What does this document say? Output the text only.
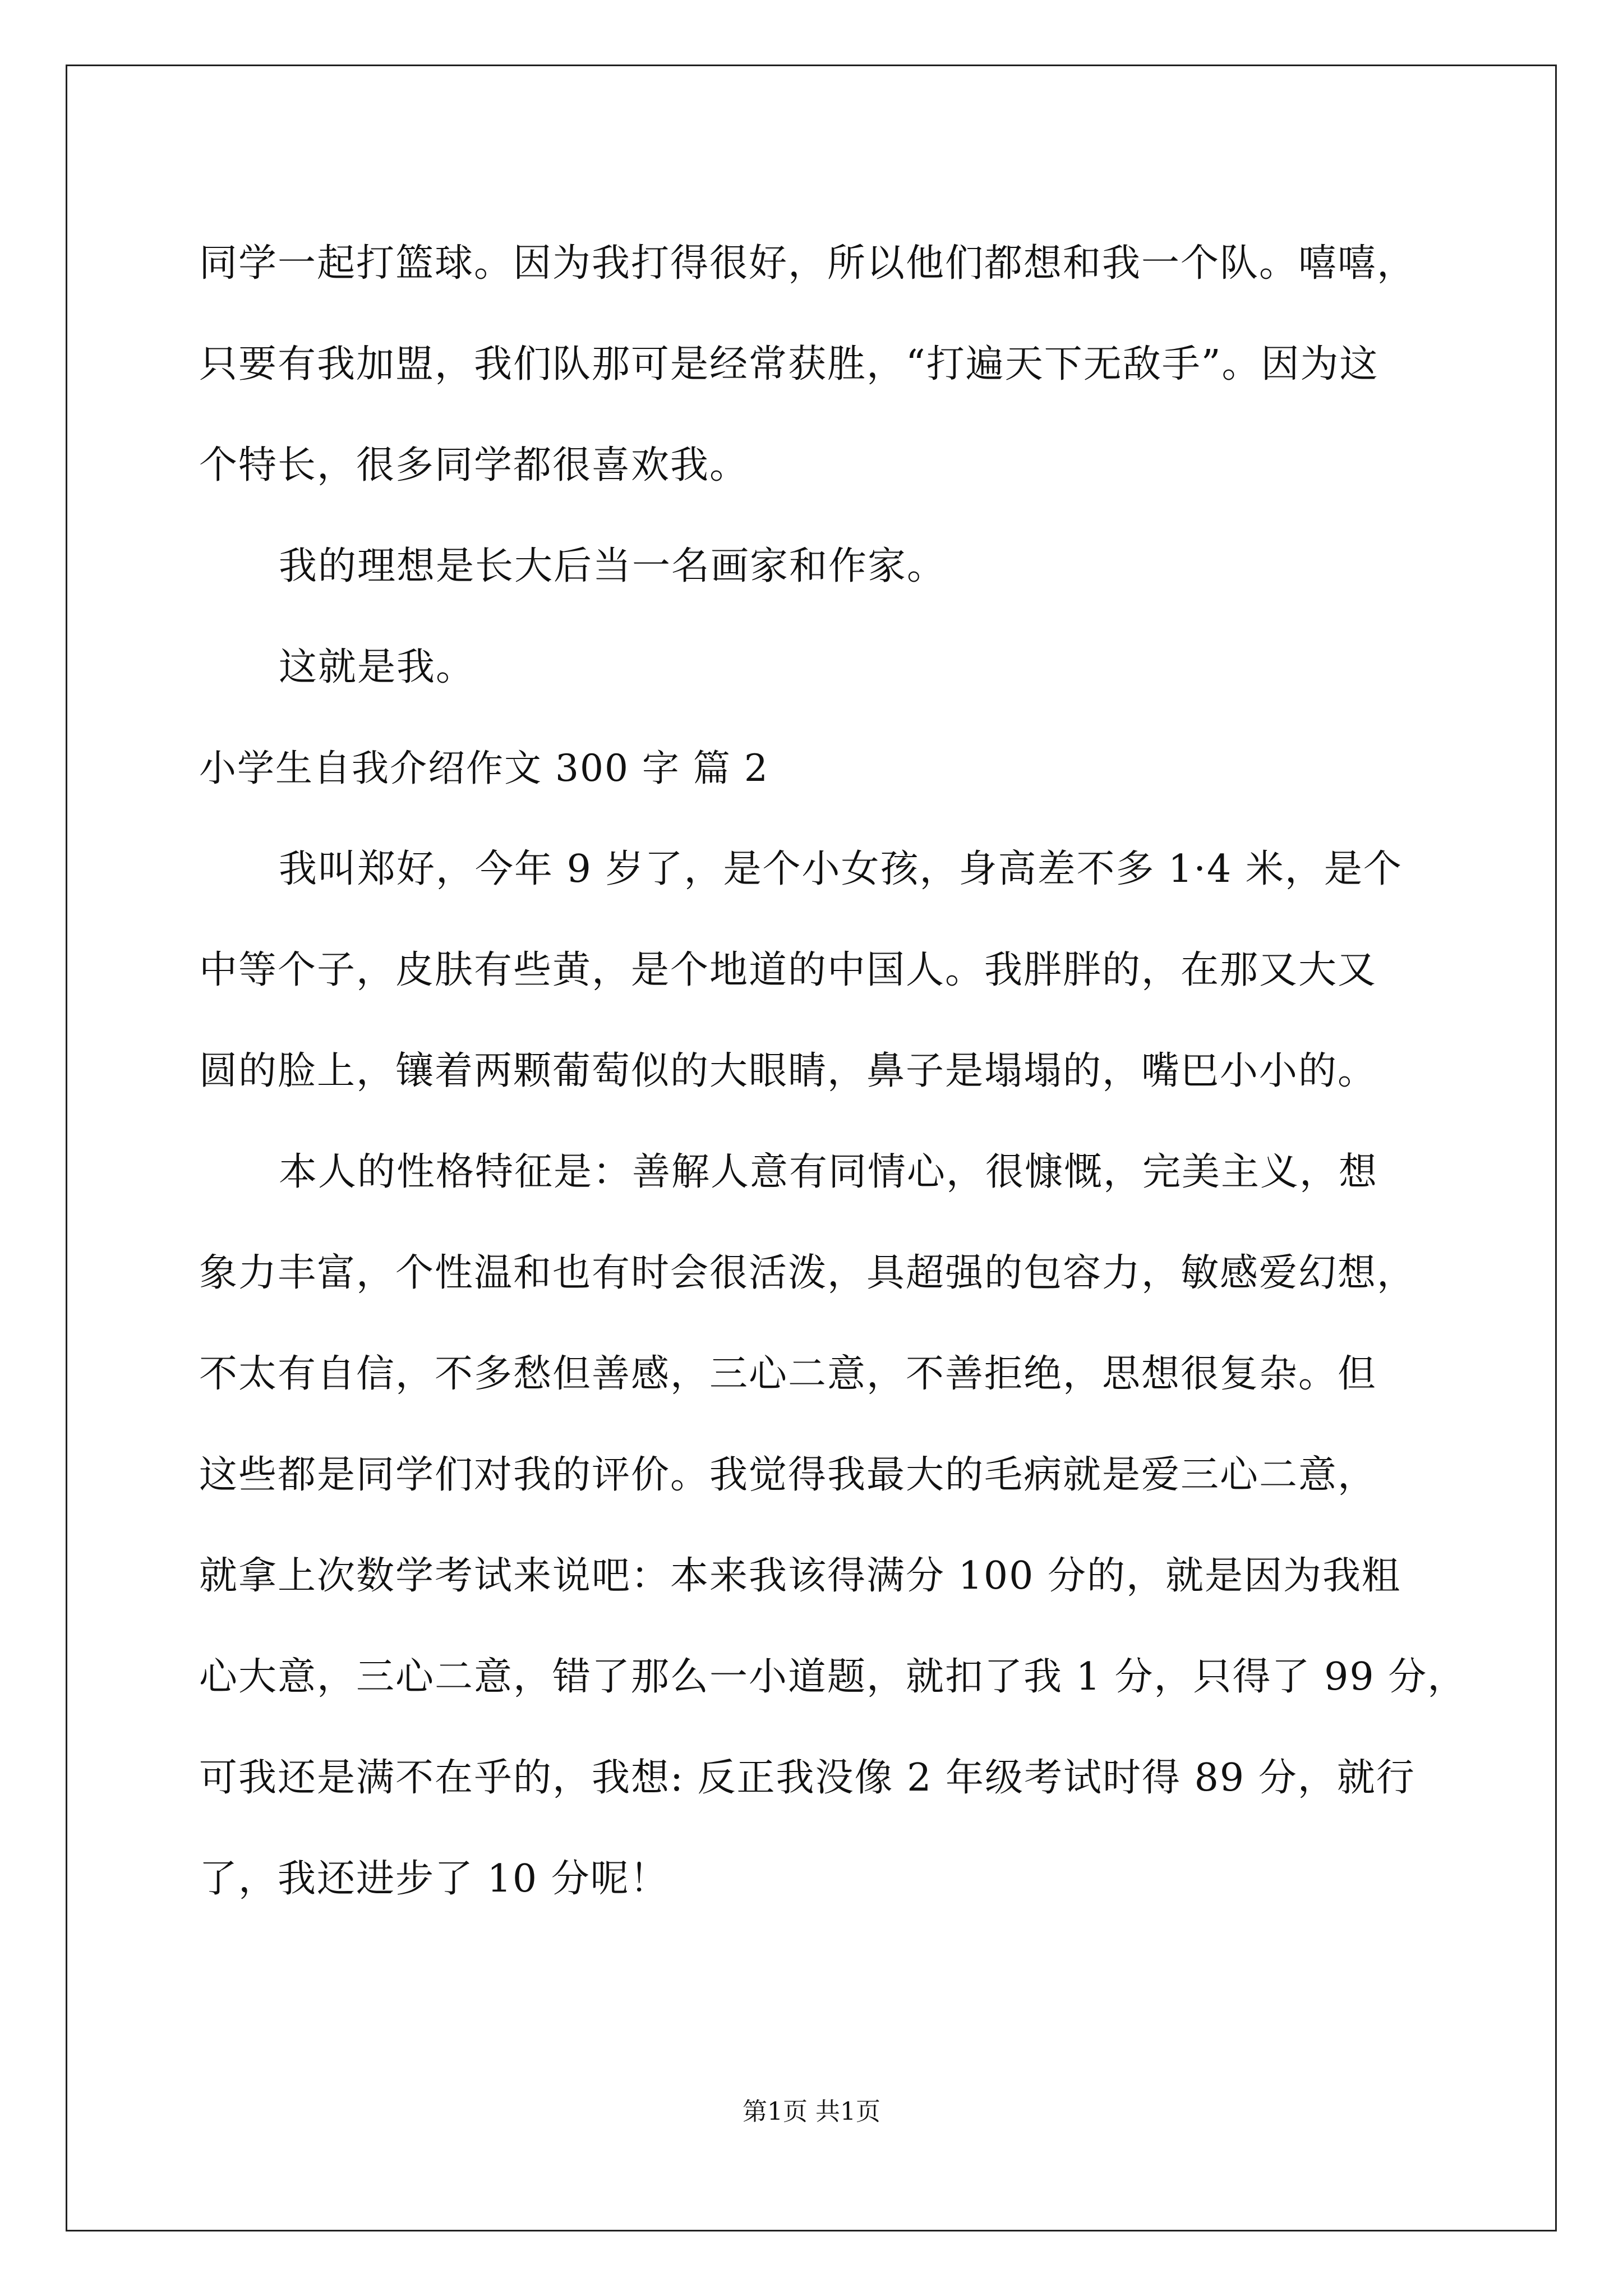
同学一起打篮球。因为我打得很好，所以他们都想和我一个队。嘻嘻，
只要有我加盟，我们队那可是经常获胜，“打遍天下无敌手”。因为这
个特长，很多同学都很喜欢我。
我的理想是长大后当一名画家和作家。
这就是我。
小学生自我介绍作文 300 字 篇 2
我叫郑好，今年 9 岁了，是个小女孩，身高差不多 1·4 米，是个
中等个子，皮肤有些黄，是个地道的中国人。我胖胖的，在那又大又
圆的脸上，镶着两颗葡萄似的大眼睛，鼻子是塌塌的，嘴巴小小的。
本人的性格特征是：善解人意有同情心，很慷慨，完美主义，想
象力丰富，个性温和也有时会很活泼，具超强的包容力，敏感爱幻想，
不太有自信，不多愁但善感，三心二意，不善拒绝，思想很复杂。但
这些都是同学们对我的评价。我觉得我最大的毛病就是爱三心二意，
就拿上次数学考试来说吧：本来我该得满分 100 分的，就是因为我粗
心大意，三心二意，错了那么一小道题，就扣了我 1 分，只得了 99 分，
可我还是满不在乎的，我想: 反正我没像 2 年级考试时得 89 分，就行
了，我还进步了 10 分呢！
第1页 共1页
